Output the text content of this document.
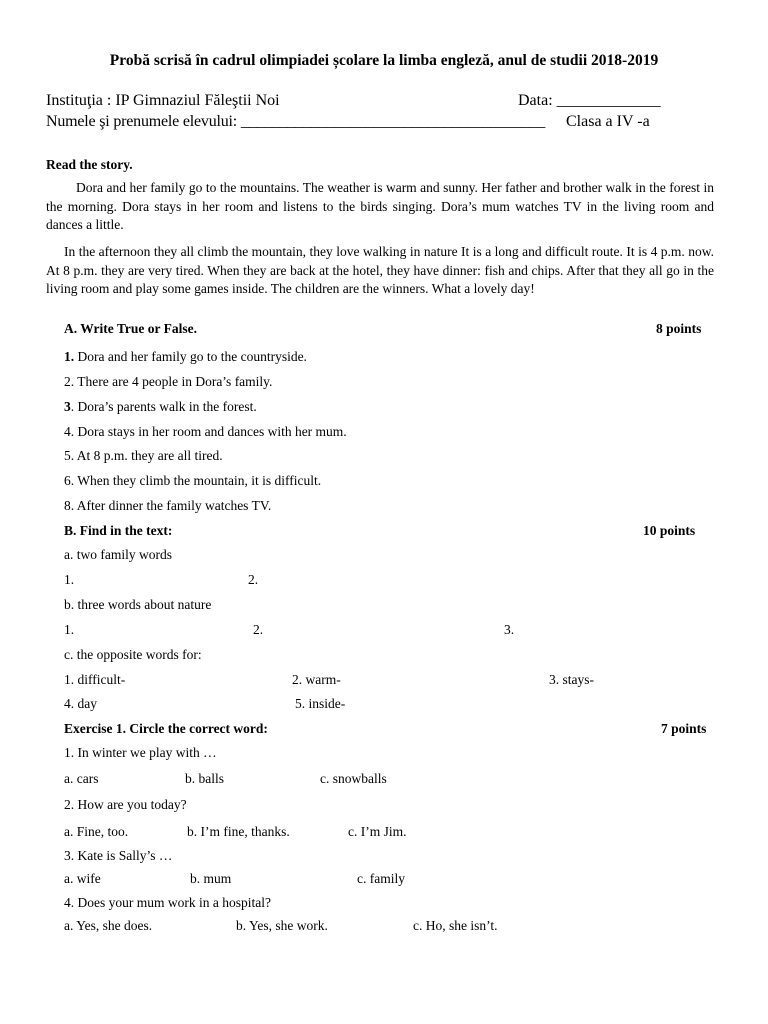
Probă scrisă în cadrul olimpiadei școlare la limba engleză, anul de studii 2018-2019
Instituţia : IP Gimnaziul Făleştii Noi	Data: _____________
Numele şi prenumele elevului: _______________________________________ Clasa a IV -a
Read the story.
Dora and her family go to the mountains. The weather is warm and sunny. Her father and brother walk in the forest in the morning. Dora stays in her room and listens to the birds singing. Dora’s mum watches TV in the living room and dances a little.
In the afternoon they all climb the mountain, they love walking in nature It is a long and difficult route. It is 4 p.m. now. At 8 p.m. they are very tired. When they are back at the hotel, they have dinner: fish and chips. After that they all go in the living room and play some games inside. The children are the winners. What a lovely day!
A. Write True or False.	8 points
1. Dora and her family go to the countryside.
2. There are 4 people in Dora’s family.
3. Dora’s parents walk in the forest.
4. Dora stays in her room and dances with her mum.
5. At 8 p.m. they are all tired.
6. When they climb the mountain, it is difficult.
8. After dinner the family watches TV.
B. Find in the text:	10 points
a. two family words
1.	2.
b. three words about nature
1.	2.	3.
c. the opposite words for:
1. difficult-	2. warm-	3. stays-
4. day	5. inside-
Exercise 1. Circle the correct word:	7 points
1. In winter we play with …
a. cars	b. balls	c. snowballs
2. How are you today?
a. Fine, too.	b. I’m fine, thanks.	c. I’m Jim.
3. Kate is Sally’s …
a. wife	b. mum	c. family
4. Does your mum work in a hospital?
a. Yes, she does.	b. Yes, she work.	c. Ho, she isn’t.
